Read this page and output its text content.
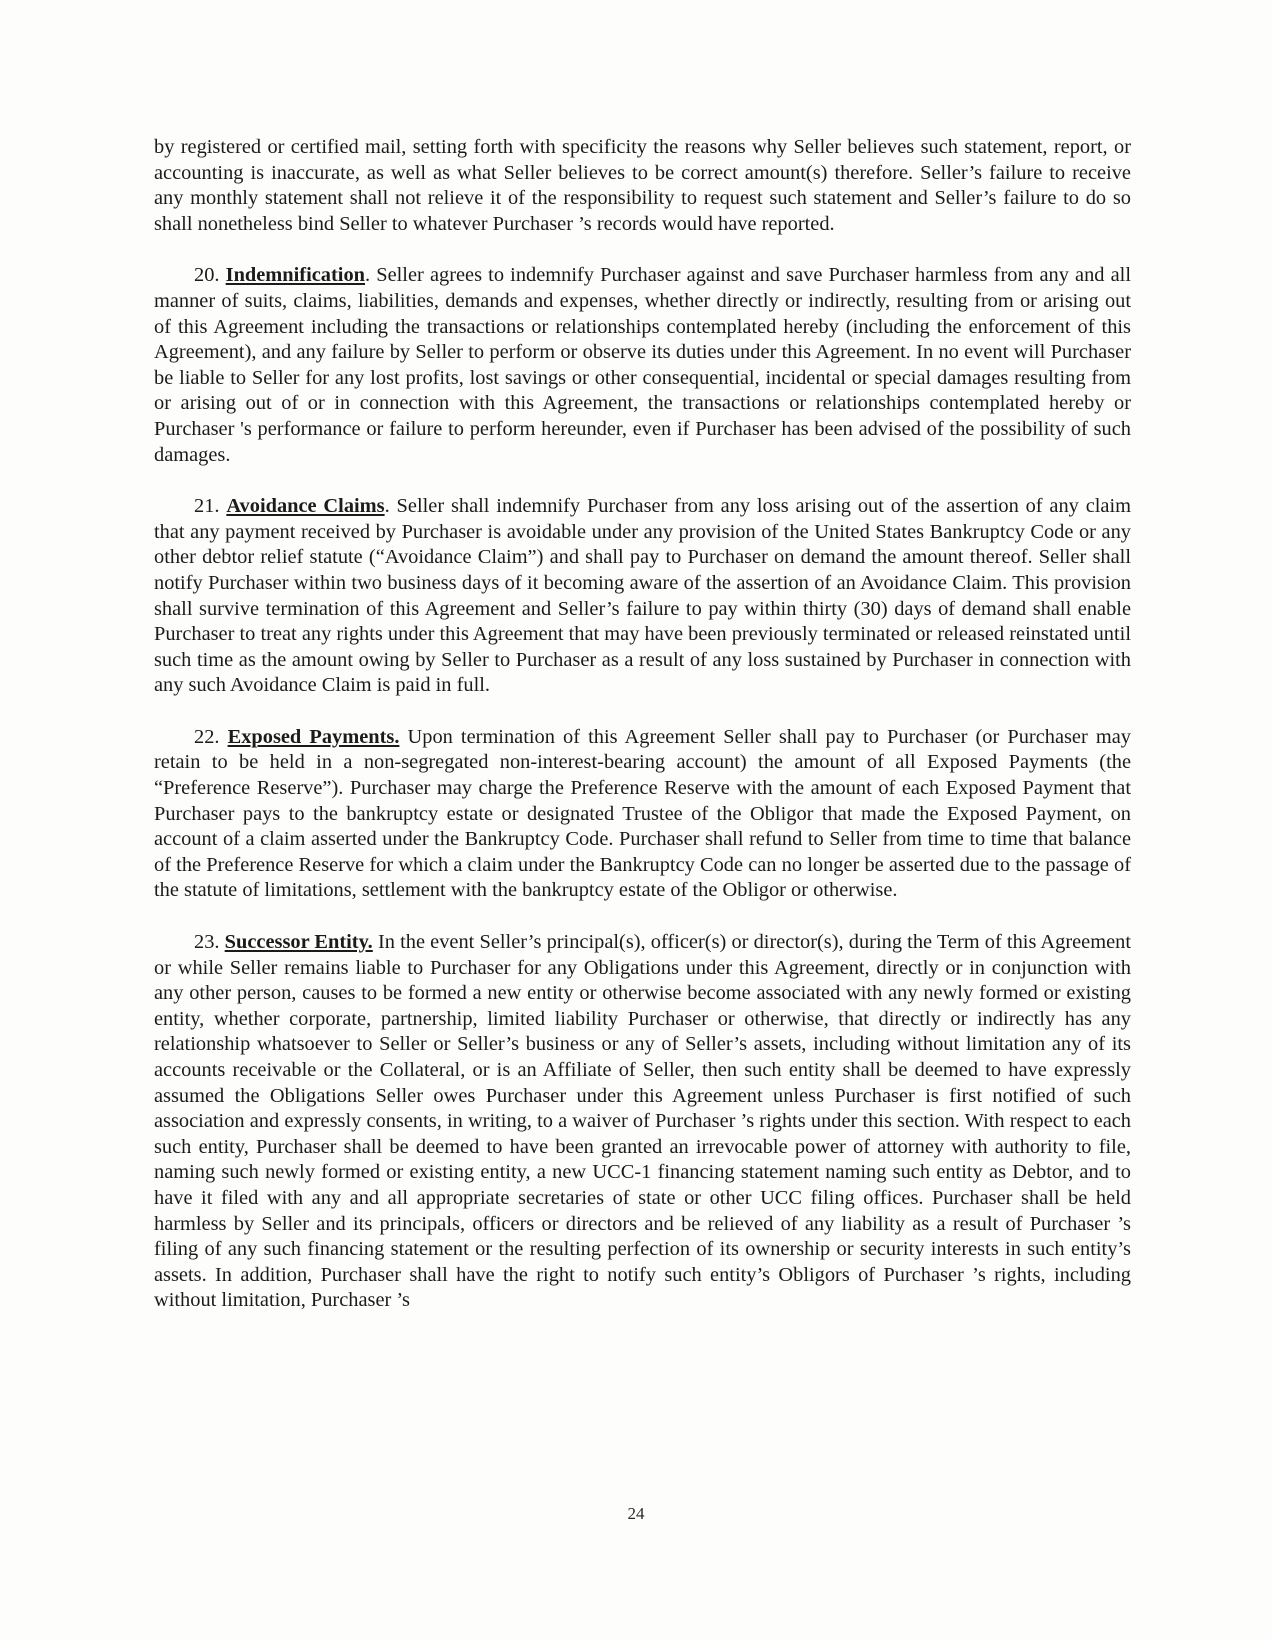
by registered or certified mail, setting forth with specificity the reasons why Seller believes such statement, report, or accounting is inaccurate, as well as what Seller believes to be correct amount(s) therefore. Seller’s failure to receive any monthly statement shall not relieve it of the responsibility to request such statement and Seller’s failure to do so shall nonetheless bind Seller to whatever Purchaser ’s records would have reported.

20. Indemnification. Seller agrees to indemnify Purchaser against and save Purchaser harmless from any and all manner of suits, claims, liabilities, demands and expenses, whether directly or indirectly, resulting from or arising out of this Agreement including the transactions or relationships contemplated hereby (including the enforcement of this Agreement), and any failure by Seller to perform or observe its duties under this Agreement. In no event will Purchaser be liable to Seller for any lost profits, lost savings or other consequential, incidental or special damages resulting from or arising out of or in connection with this Agreement, the transactions or relationships contemplated hereby or Purchaser 's performance or failure to perform hereunder, even if Purchaser has been advised of the possibility of such damages.

21. Avoidance Claims. Seller shall indemnify Purchaser from any loss arising out of the assertion of any claim that any payment received by Purchaser is avoidable under any provision of the United States Bankruptcy Code or any other debtor relief statute (“Avoidance Claim”) and shall pay to Purchaser on demand the amount thereof. Seller shall notify Purchaser within two business days of it becoming aware of the assertion of an Avoidance Claim. This provision shall survive termination of this Agreement and Seller’s failure to pay within thirty (30) days of demand shall enable Purchaser to treat any rights under this Agreement that may have been previously terminated or released reinstated until such time as the amount owing by Seller to Purchaser as a result of any loss sustained by Purchaser in connection with any such Avoidance Claim is paid in full.

22. Exposed Payments. Upon termination of this Agreement Seller shall pay to Purchaser (or Purchaser may retain to be held in a non-segregated non-interest-bearing account) the amount of all Exposed Payments (the “Preference Reserve”). Purchaser may charge the Preference Reserve with the amount of each Exposed Payment that Purchaser pays to the bankruptcy estate or designated Trustee of the Obligor that made the Exposed Payment, on account of a claim asserted under the Bankruptcy Code. Purchaser shall refund to Seller from time to time that balance of the Preference Reserve for which a claim under the Bankruptcy Code can no longer be asserted due to the passage of the statute of limitations, settlement with the bankruptcy estate of the Obligor or otherwise.

23. Successor Entity. In the event Seller’s principal(s), officer(s) or director(s), during the Term of this Agreement or while Seller remains liable to Purchaser for any Obligations under this Agreement, directly or in conjunction with any other person, causes to be formed a new entity or otherwise become associated with any newly formed or existing entity, whether corporate, partnership, limited liability Purchaser or otherwise, that directly or indirectly has any relationship whatsoever to Seller or Seller’s business or any of Seller’s assets, including without limitation any of its accounts receivable or the Collateral, or is an Affiliate of Seller, then such entity shall be deemed to have expressly assumed the Obligations Seller owes Purchaser under this Agreement unless Purchaser is first notified of such association and expressly consents, in writing, to a waiver of Purchaser ’s rights under this section. With respect to each such entity, Purchaser shall be deemed to have been granted an irrevocable power of attorney with authority to file, naming such newly formed or existing entity, a new UCC-1 financing statement naming such entity as Debtor, and to have it filed with any and all appropriate secretaries of state or other UCC filing offices. Purchaser shall be held harmless by Seller and its principals, officers or directors and be relieved of any liability as a result of Purchaser ’s filing of any such financing statement or the resulting perfection of its ownership or security interests in such entity’s assets. In addition, Purchaser shall have the right to notify such entity’s Obligors of Purchaser ’s rights, including without limitation, Purchaser ’s

24
